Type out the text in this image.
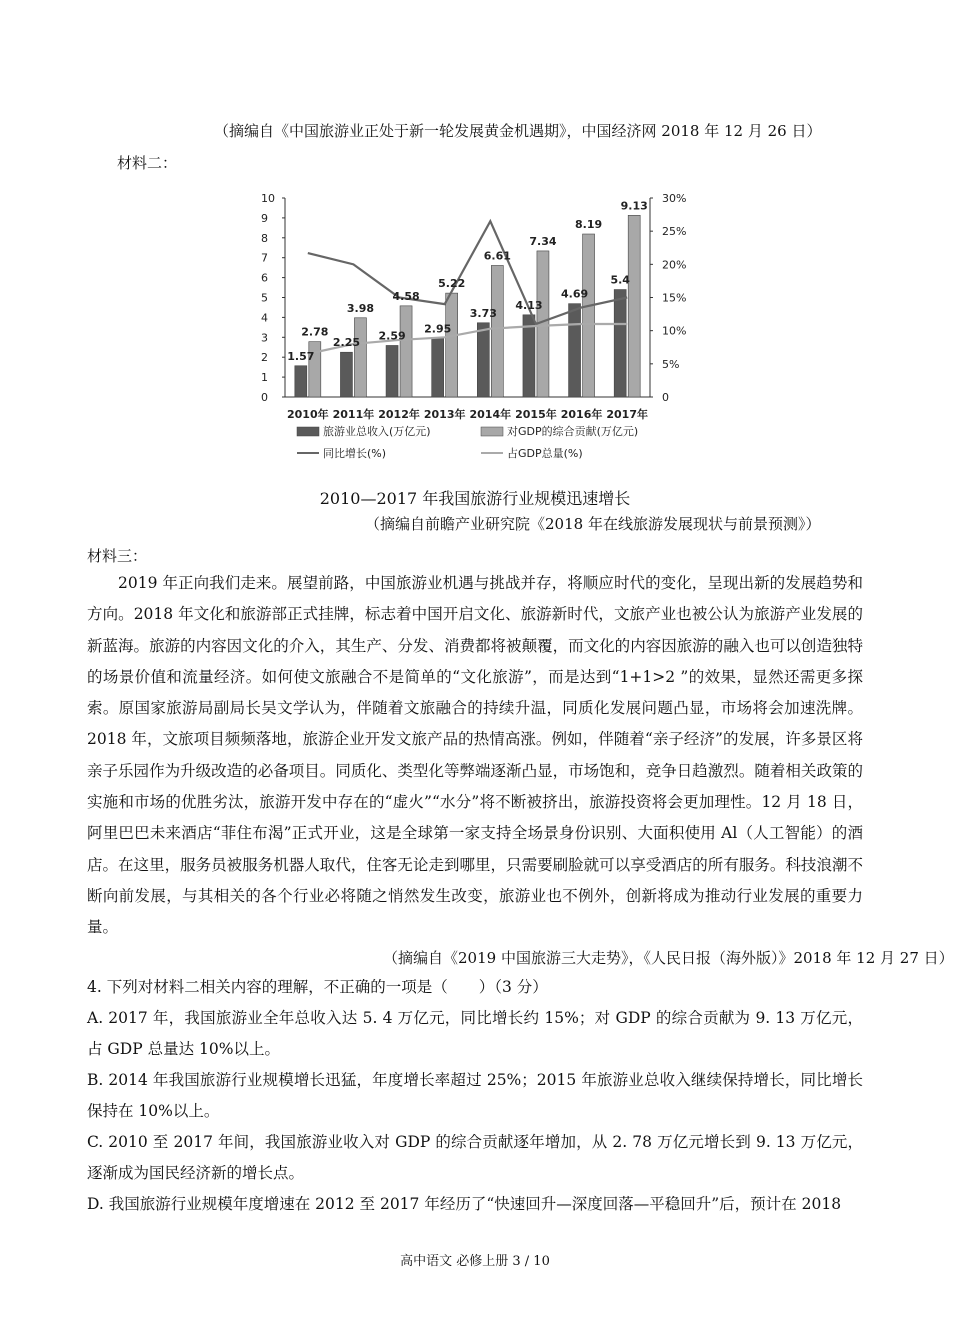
（摘编自《中国旅游业正处于新一轮发展黄金机遇期》，中国经济网 2018 年 12 月 26 日）
材料二：
0
1
2
3
4
5
6
7
8
9
10
0
5%
10%
15%
20%
25%
30%
2010年 2011年 2012年 2013年 2014年 2015年 2016年 2017年
1.57
2.25
2.59
2.95
3.73
4.13
4.69
5.4
2.78
3.98
4.58
5.22
6.61
7.34
8.19
9.13
旅游业总收入(万亿元)	对GDP的综合贡献(万亿元)
同比增长(%)	占GDP总量(%)
2010—2017 年我国旅游行业规模迅速增长
（摘编自前瞻产业研究院《2018 年在线旅游发展现状与前景预测》）
材料三：
2019 年正向我们走来。展望前路，中国旅游业机遇与挑战并存，将顺应时代的变化，呈现出新的发展趋势和方向。2018 年文化和旅游部正式挂牌，标志着中国开启文化、旅游新时代，文旅产业也被公认为旅游产业发展的新蓝海。旅游的内容因文化的介入，其生产、分发、消费都将被颠覆，而文化的内容因旅游的融入也可以创造独特的场景价值和流量经济。如何使文旅融合不是简单的“文化旅游”，而是达到“1+1>2 ”的效果，显然还需更多探索。原国家旅游局副局长吴文学认为，伴随着文旅融合的持续升温，同质化发展问题凸显，市场将会加速洗牌。2018 年，文旅项目频频落地，旅游企业开发文旅产品的热情高涨。例如，伴随着“亲子经济”的发展，许多景区将亲子乐园作为升级改造的必备项目。同质化、类型化等弊端逐渐凸显，市场饱和，竞争日趋激烈。随着相关政策的实施和市场的优胜劣汰，旅游开发中存在的“虚火”“水分”将不断被挤出，旅游投资将会更加理性。12 月 18 日，阿里巴巴未来酒店“菲住布渴”正式开业，这是全球第一家支持全场景身份识别、大面积使用 Al（人工智能）的酒店。在这里，服务员被服务机器人取代，住客无论走到哪里，只需要刷脸就可以享受酒店的所有服务。科技浪潮不断向前发展，与其相关的各个行业必将随之悄然发生改变，旅游业也不例外，创新将成为推动行业发展的重要力量。
（摘编自《2019 中国旅游三大走势》，《人民日报（海外版）》2018 年 12 月 27 日）
4. 下列对材料二相关内容的理解，不正确的一项是（　　）（3 分）
A. 2017 年，我国旅游业全年总收入达 5. 4 万亿元，同比增长约 15%；对 GDP 的综合贡献为 9. 13 万亿元，占 GDP 总量达 10%以上。
B. 2014 年我国旅游行业规模增长迅猛，年度增长率超过 25%；2015 年旅游业总收入继续保持增长，同比增长保持在 10%以上。
C. 2010 至 2017 年间，我国旅游业收入对 GDP 的综合贡献逐年增加，从 2. 78 万亿元增长到 9. 13 万亿元，逐渐成为国民经济新的增长点。
D. 我国旅游行业规模年度增速在 2012 至 2017 年经历了“快速回升—深度回落—平稳回升”后，预计在 2018
高中语文 必修上册 3 / 10
